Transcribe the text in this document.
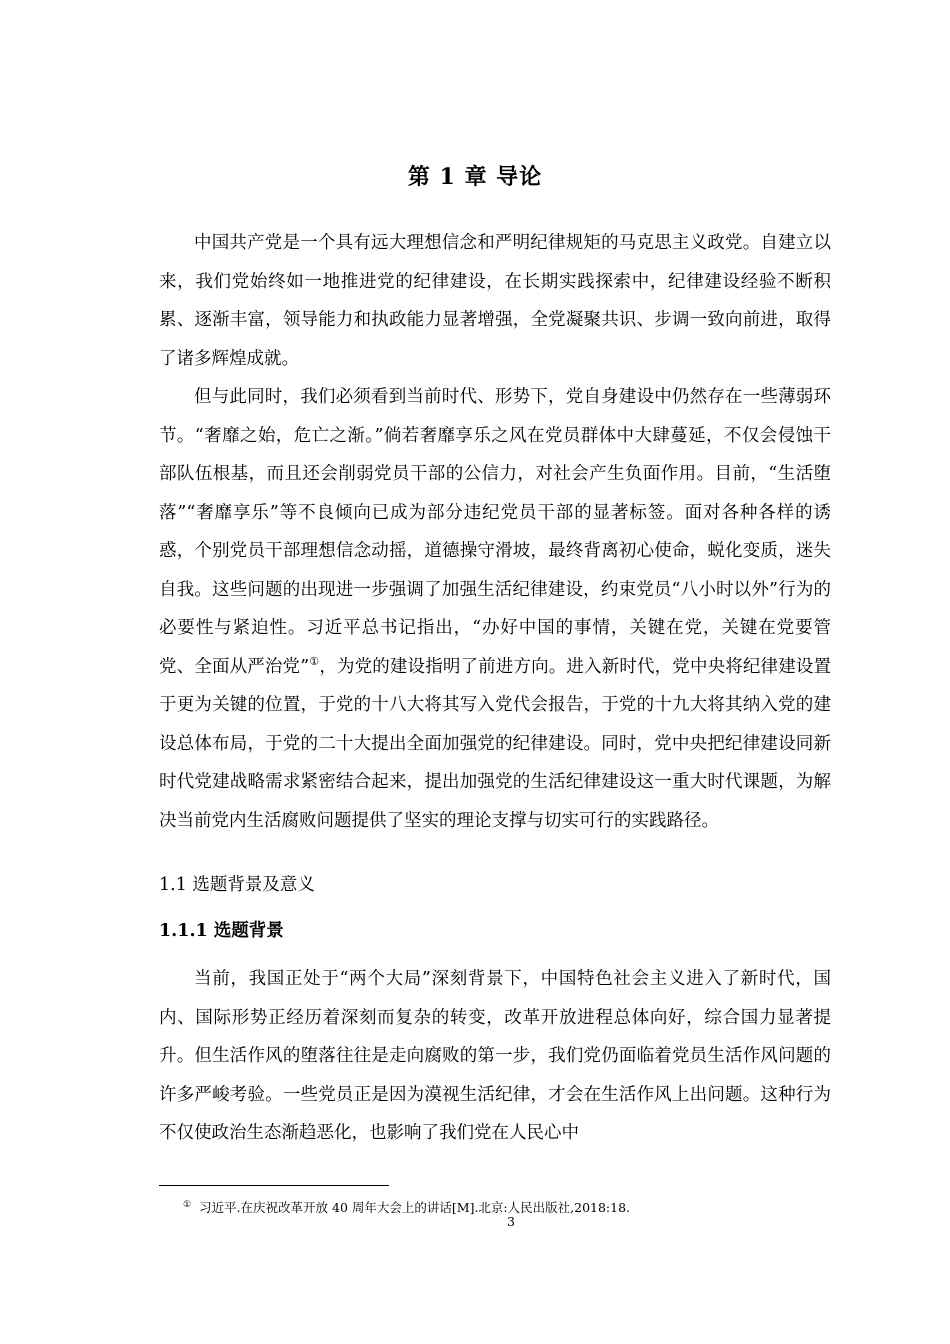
第 1 章 导论

中国共产党是一个具有远大理想信念和严明纪律规矩的马克思主义政党。自建立以来，我们党始终如一地推进党的纪律建设，在长期实践探索中，纪律建设经验不断积累、逐渐丰富，领导能力和执政能力显著增强，全党凝聚共识、步调一致向前进，取得了诸多辉煌成就。

但与此同时，我们必须看到当前时代、形势下，党自身建设中仍然存在一些薄弱环节。“奢靡之始，危亡之渐。”倘若奢靡享乐之风在党员群体中大肆蔓延，不仅会侵蚀干部队伍根基，而且还会削弱党员干部的公信力，对社会产生负面作用。目前，“生活堕落”“奢靡享乐”等不良倾向已成为部分违纪党员干部的显著标签。面对各种各样的诱惑，个别党员干部理想信念动摇，道德操守滑坡，最终背离初心使命，蜕化变质，迷失自我。这些问题的出现进一步强调了加强生活纪律建设，约束党员“八小时以外”行为的必要性与紧迫性。习近平总书记指出，“办好中国的事情，关键在党，关键在党要管党、全面从严治党”①，为党的建设指明了前进方向。进入新时代，党中央将纪律建设置于更为关键的位置，于党的十八大将其写入党代会报告，于党的十九大将其纳入党的建设总体布局，于党的二十大提出全面加强党的纪律建设。同时，党中央把纪律建设同新时代党建战略需求紧密结合起来，提出加强党的生活纪律建设这一重大时代课题，为解决当前党内生活腐败问题提供了坚实的理论支撑与切实可行的实践路径。

1.1 选题背景及意义
1.1.1 选题背景

当前，我国正处于“两个大局”深刻背景下，中国特色社会主义进入了新时代，国内、国际形势正经历着深刻而复杂的转变，改革开放进程总体向好，综合国力显著提升。但生活作风的堕落往往是走向腐败的第一步，我们党仍面临着党员生活作风问题的许多严峻考验。一些党员正是因为漠视生活纪律，才会在生活作风上出问题。这种行为不仅使政治生态渐趋恶化，也影响了我们党在人民心中

① 习近平.在庆祝改革开放 40 周年大会上的讲话[M].北京:人民出版社,2018:18.
3
